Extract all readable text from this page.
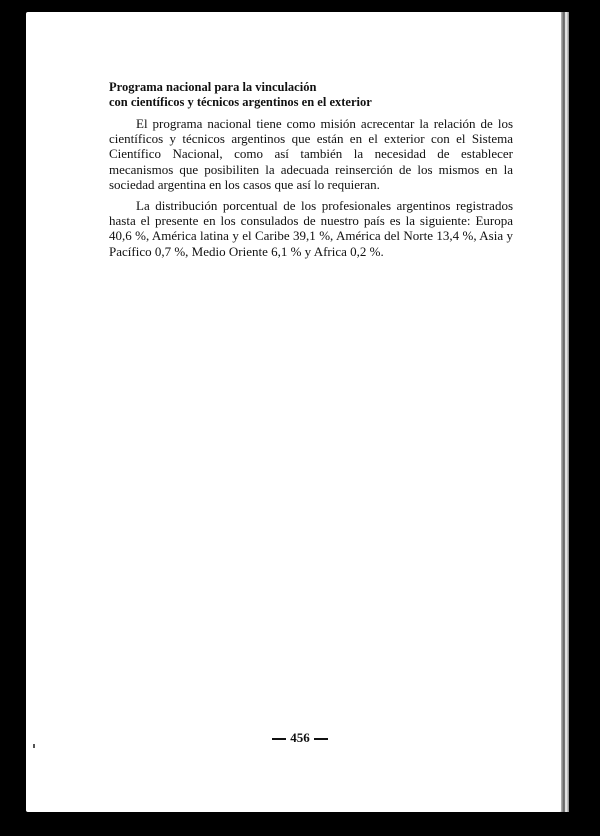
Programa nacional para la vinculación
con científicos y técnicos argentinos en el exterior

El programa nacional tiene como misión acrecentar la relación de los científicos y técnicos argentinos que están en el exterior con el Sistema Científico Nacional, como así también la necesidad de establecer mecanismos que posibiliten la adecuada reinserción de los mismos en la sociedad argentina en los casos que así lo requieran.

La distribución porcentual de los profesionales argentinos registrados hasta el presente en los consulados de nuestro país es la siguiente: Europa 40,6 %, América latina y el Caribe 39,1 %, América del Norte 13,4 %, Asia y Pacífico 0,7 %, Medio Oriente 6,1 % y Africa 0,2 %.

456
